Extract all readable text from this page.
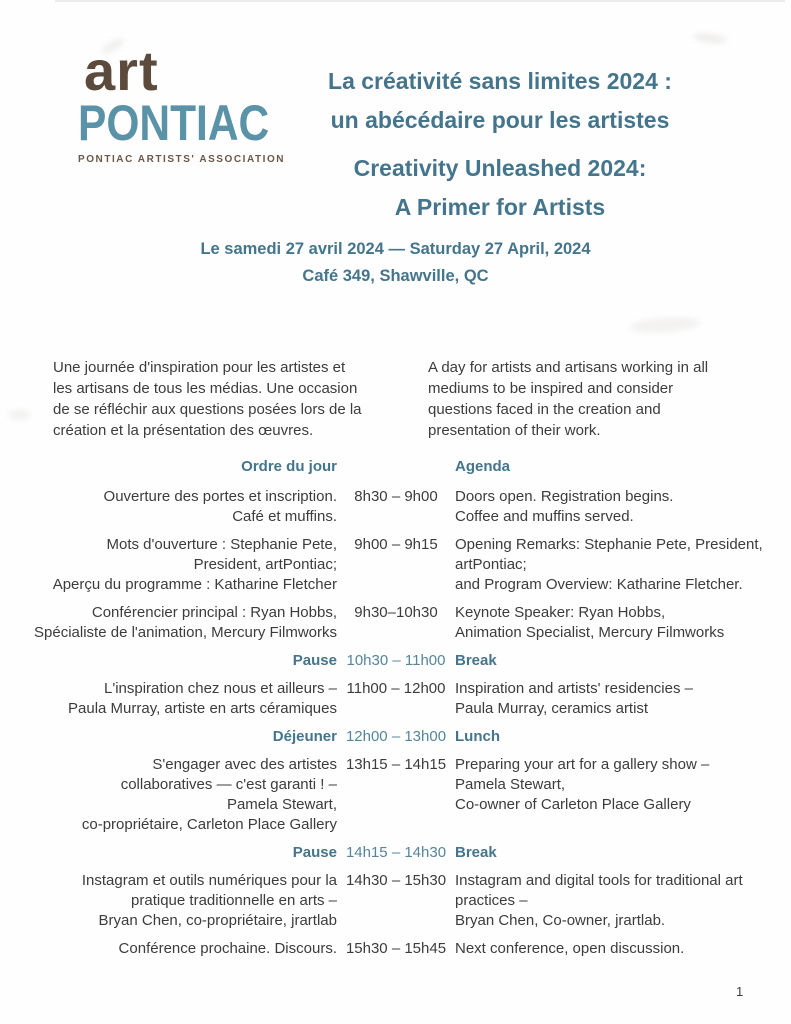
art
PONTIAC
PONTIAC ARTISTS' ASSOCIATION
La créativité sans limites 2024 :
un abécédaire pour les artistes
Creativity Unleashed 2024:
A Primer for Artists
Le samedi 27 avril 2024 — Saturday 27 April, 2024
Café 349, Shawville, QC
Une journée d'inspiration pour les artistes et
les artisans de tous les médias. Une occasion
de se réfléchir aux questions posées lors de la
création et la présentation des œuvres.
A day for artists and artisans working in all
mediums to be inspired and consider
questions faced in the creation and
presentation of their work.
Ordre du jour	Agenda
Ouverture des portes et inscription.
Café et muffins.
8h30 – 9h00	Doors open. Registration begins.
Coffee and muffins served.
Mots d'ouverture : Stephanie Pete,
President, artPontiac;
Aperçu du programme : Katharine Fletcher
9h00 – 9h15	Opening Remarks: Stephanie Pete, President,
artPontiac;
and Program Overview: Katharine Fletcher.
Conférencier principal : Ryan Hobbs,
Spécialiste de l'animation, Mercury Filmworks
9h30–10h30	Keynote Speaker: Ryan Hobbs,
Animation Specialist, Mercury Filmworks
Pause 10h30 – 11h00 Break
L'inspiration chez nous et ailleurs –
Paula Murray, artiste en arts céramiques
11h00 – 12h00 Inspiration and artists' residencies –
Paula Murray, ceramics artist
Déjeuner 12h00 – 13h00 Lunch
S'engager avec des artistes
collaboratives — c'est garanti ! –
Pamela Stewart,
co-propriétaire, Carleton Place Gallery
13h15 – 14h15 Preparing your art for a gallery show –
Pamela Stewart,
Co-owner of Carleton Place Gallery
Pause 14h15 – 14h30 Break
Instagram et outils numériques pour la
pratique traditionnelle en arts –
Bryan Chen, co-propriétaire, jrartlab
14h30 – 15h30 Instagram and digital tools for traditional art
practices –
Bryan Chen, Co-owner, jrartlab.
Conférence prochaine. Discours. 15h30 – 15h45 Next conference, open discussion.
1
